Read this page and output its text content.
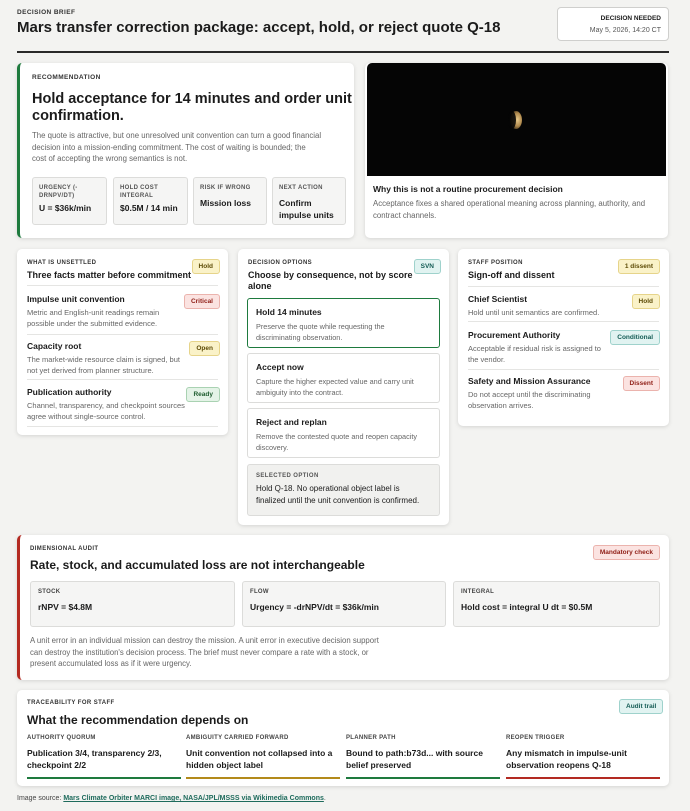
DECISION BRIEF
Mars transfer correction package: accept, hold, or reject quote Q-18
DECISION NEEDED
May 5, 2026, 14:20 CT
RECOMMENDATION
Hold acceptance for 14 minutes and order unit confirmation.
The quote is attractive, but one unresolved unit convention can turn a good financial decision into a mission-ending commitment. The cost of waiting is bounded; the cost of accepting the wrong semantics is not.
URGENCY (-DRNPV/DT)
U = $36k/min
HOLD COST INTEGRAL
$0.5M / 14 min
RISK IF WRONG
Mission loss
NEXT ACTION
Confirm impulse units
Why this is not a routine procurement decision
Acceptance fixes a shared operational meaning across planning, authority, and contract channels.
WHAT IS UNSETTLED
Three facts matter before commitment
Hold
Impulse unit convention
Metric and English-unit readings remain possible under the submitted evidence.
Critical
Capacity root
The market-wide resource claim is signed, but not yet derived from planner structure.
Open
Publication authority
Channel, transparency, and checkpoint sources agree without single-source control.
Ready
DECISION OPTIONS
Choose by consequence, not by score alone
SVN
Hold 14 minutes
Preserve the quote while requesting the discriminating observation.
Accept now
Capture the higher expected value and carry unit ambiguity into the contract.
Reject and replan
Remove the contested quote and reopen capacity discovery.
SELECTED OPTION
Hold Q-18. No operational object label is finalized until the unit convention is confirmed.
STAFF POSITION
Sign-off and dissent
1 dissent
Chief Scientist
Hold until unit semantics are confirmed.
Hold
Procurement Authority
Acceptable if residual risk is assigned to the vendor.
Conditional
Safety and Mission Assurance
Do not accept until the discriminating observation arrives.
Dissent
DIMENSIONAL AUDIT
Rate, stock, and accumulated loss are not interchangeable
Mandatory check
STOCK
rNPV = $4.8M
FLOW
Urgency = -drNPV/dt = $36k/min
INTEGRAL
Hold cost = integral U dt = $0.5M
A unit error in an individual mission can destroy the mission. A unit error in executive decision support can destroy the institution's decision process. The brief must never compare a rate with a stock, or present accumulated loss as if it were urgency.
TRACEABILITY FOR STAFF
What the recommendation depends on
Audit trail
AUTHORITY QUORUM
Publication 3/4, transparency 2/3, checkpoint 2/2
AMBIGUITY CARRIED FORWARD
Unit convention not collapsed into a hidden object label
PLANNER PATH
Bound to path:b73d... with source belief preserved
REOPEN TRIGGER
Any mismatch in impulse-unit observation reopens Q-18
Image source: Mars Climate Orbiter MARCI image, NASA/JPL/MSSS via Wikimedia Commons.
